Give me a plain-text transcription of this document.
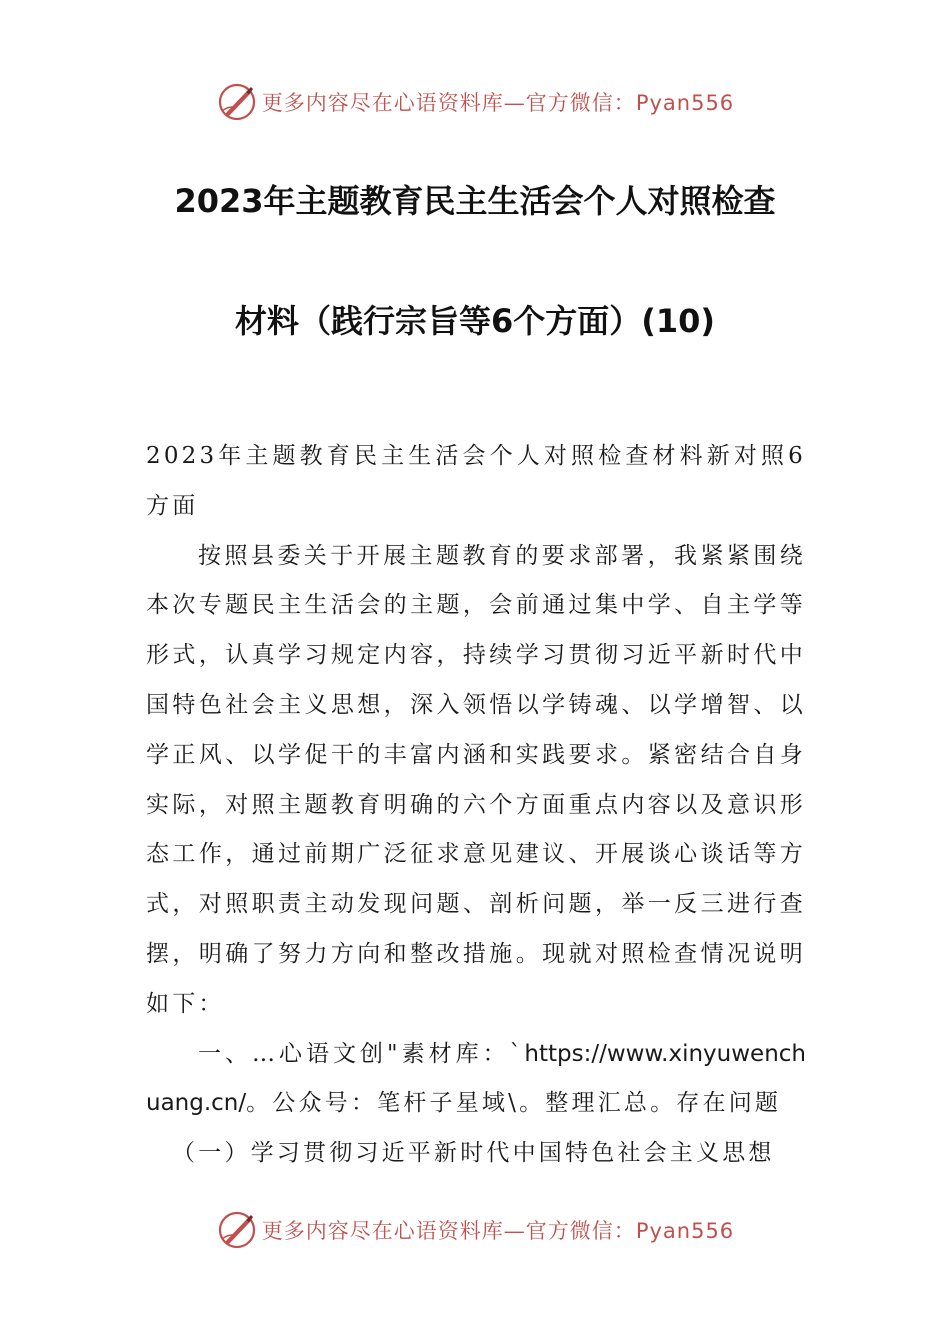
更多内容尽在心语资料库—官方微信：Pyan556
2023年主题教育民主生活会个人对照检查
材料（践行宗旨等6个方面）(10)

2023年主题教育民主生活会个人对照检查材料新对照6方面

按照县委关于开展主题教育的要求部署，我紧紧围绕本次专题民主生活会的主题，会前通过集中学、自主学等形式，认真学习规定内容，持续学习贯彻习近平新时代中国特色社会主义思想，深入领悟以学铸魂、以学增智、以学正风、以学促干的丰富内涵和实践要求。紧密结合自身实际，对照主题教育明确的六个方面重点内容以及意识形态工作，通过前期广泛征求意见建议、开展谈心谈话等方式，对照职责主动发现问题、剖析问题，举一反三进行查摆，明确了努力方向和整改措施。现就对照检查情况说明如下：

一、…心语文创"素材库：`https://www.xinyuwenchuang.cn/。公众号：笔杆子星域\。整理汇总。存在问题

（一）学习贯彻习近平新时代中国特色社会主义思想

更多内容尽在心语资料库—官方微信：Pyan556
